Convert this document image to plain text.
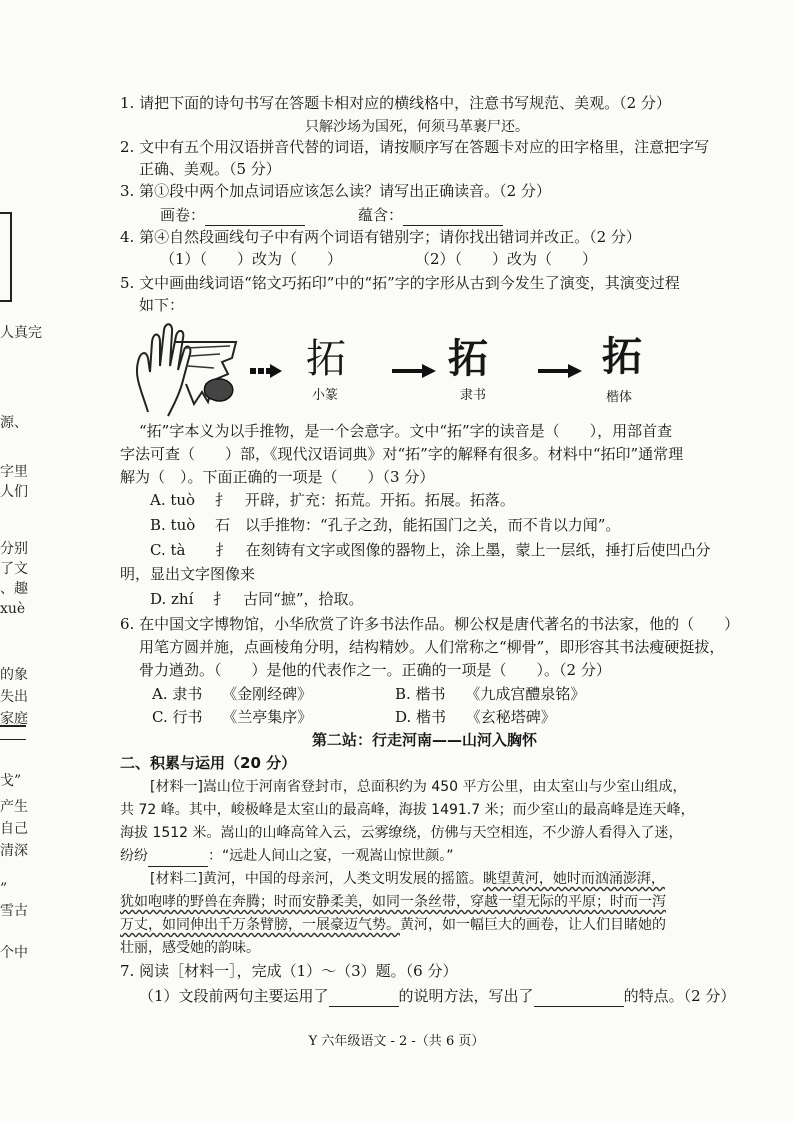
人真完
源、
字里
人们
分别
了文
、趣
xuè
的象
失出
家庭
戈”
产生
自己
清深
”
雪古
个中
1. 请把下面的诗句书写在答题卡相对应的横线格中，注意书写规范、美观。（2 分）
只解沙场为国死，何须马革裹尸还。
2. 文中有五个用汉语拼音代替的词语，请按顺序写在答题卡对应的田字格里，注意把字写
正确、美观。（5 分）
3. 第①段中两个加点词语应该怎么读？请写出正确读音。（2 分）
画卷：	蕴含：
4. 第④自然段画线句子中有两个词语有错别字；请你找出错词并改正。（2 分）
（1）（　　）改为（　　）	（2）（　　）改为（　　）
5. 文中画曲线词语“铭文巧拓印”中的“拓”字的字形从古到今发生了演变，其演变过程
如下：
拓
小篆
拓
隶书
拓
楷体
“拓”字本义为以手推物，是一个会意字。文中“拓”字的读音是（　　），用部首查
字法可查（　　）部，《现代汉语词典》对“拓”字的解释有很多。材料中“拓印”通常理
解为（　）。下面正确的一项是（　　）（3 分）
A. tuò　 扌　开辟，扩充：拓荒。开拓。拓展。拓落。
B. tuò　 石　以手推物：“孔子之劲，能拓国门之关，而不肯以力闻”。
C. tà　　扌　在刻铸有文字或图像的器物上，涂上墨，蒙上一层纸，捶打后使凹凸分
明，显出文字图像来
D. zhí　 扌　古同“摭”，拾取。
6. 在中国文字博物馆，小华欣赏了许多书法作品。柳公权是唐代著名的书法家，他的（　　）
用笔方圆并施，点画棱角分明，结构精妙。人们常称之“柳骨”，即形容其书法瘦硬挺拔，
骨力遒劲。（　　）是他的代表作之一。正确的一项是（　　）。（2 分）
A. 隶书　 《金刚经碑》	B. 楷书　 《九成宫醴泉铭》
C. 行书　 《兰亭集序》	D. 楷书　 《玄秘塔碑》
第二站：行走河南——山河入胸怀
二、积累与运用（20 分）
[材料一]嵩山位于河南省登封市，总面积约为 450 平方公里，由太室山与少室山组成，
共 72 峰。其中，峻极峰是太室山的最高峰，海拔 1491.7 米；而少室山的最高峰是连天峰，
海拔 1512 米。嵩山的山峰高耸入云，云雾缭绕，仿佛与天空相连，不少游人看得入了迷，
纷纷	：“远赴人间山之宴，一观嵩山惊世颜。”
[材料二]黄河，中国的母亲河，人类文明发展的摇篮。眺望黄河，她时而汹涌澎湃，
犹如咆哮的野兽在奔腾；时而安静柔美，如同一条丝带，穿越一望无际的平原；时而一泻
万丈，如同伸出千万条臂膀，一展豪迈气势。黄河，如一幅巨大的画卷，让人们目睹她的
壮丽，感受她的韵味。
7. 阅读［材料一］，完成（1）～（3）题。（6 分）
（1）文段前两句主要运用了	的说明方法，写出了	的特点。（2 分）
Y 六年级语文 - 2 -（共 6 页）
